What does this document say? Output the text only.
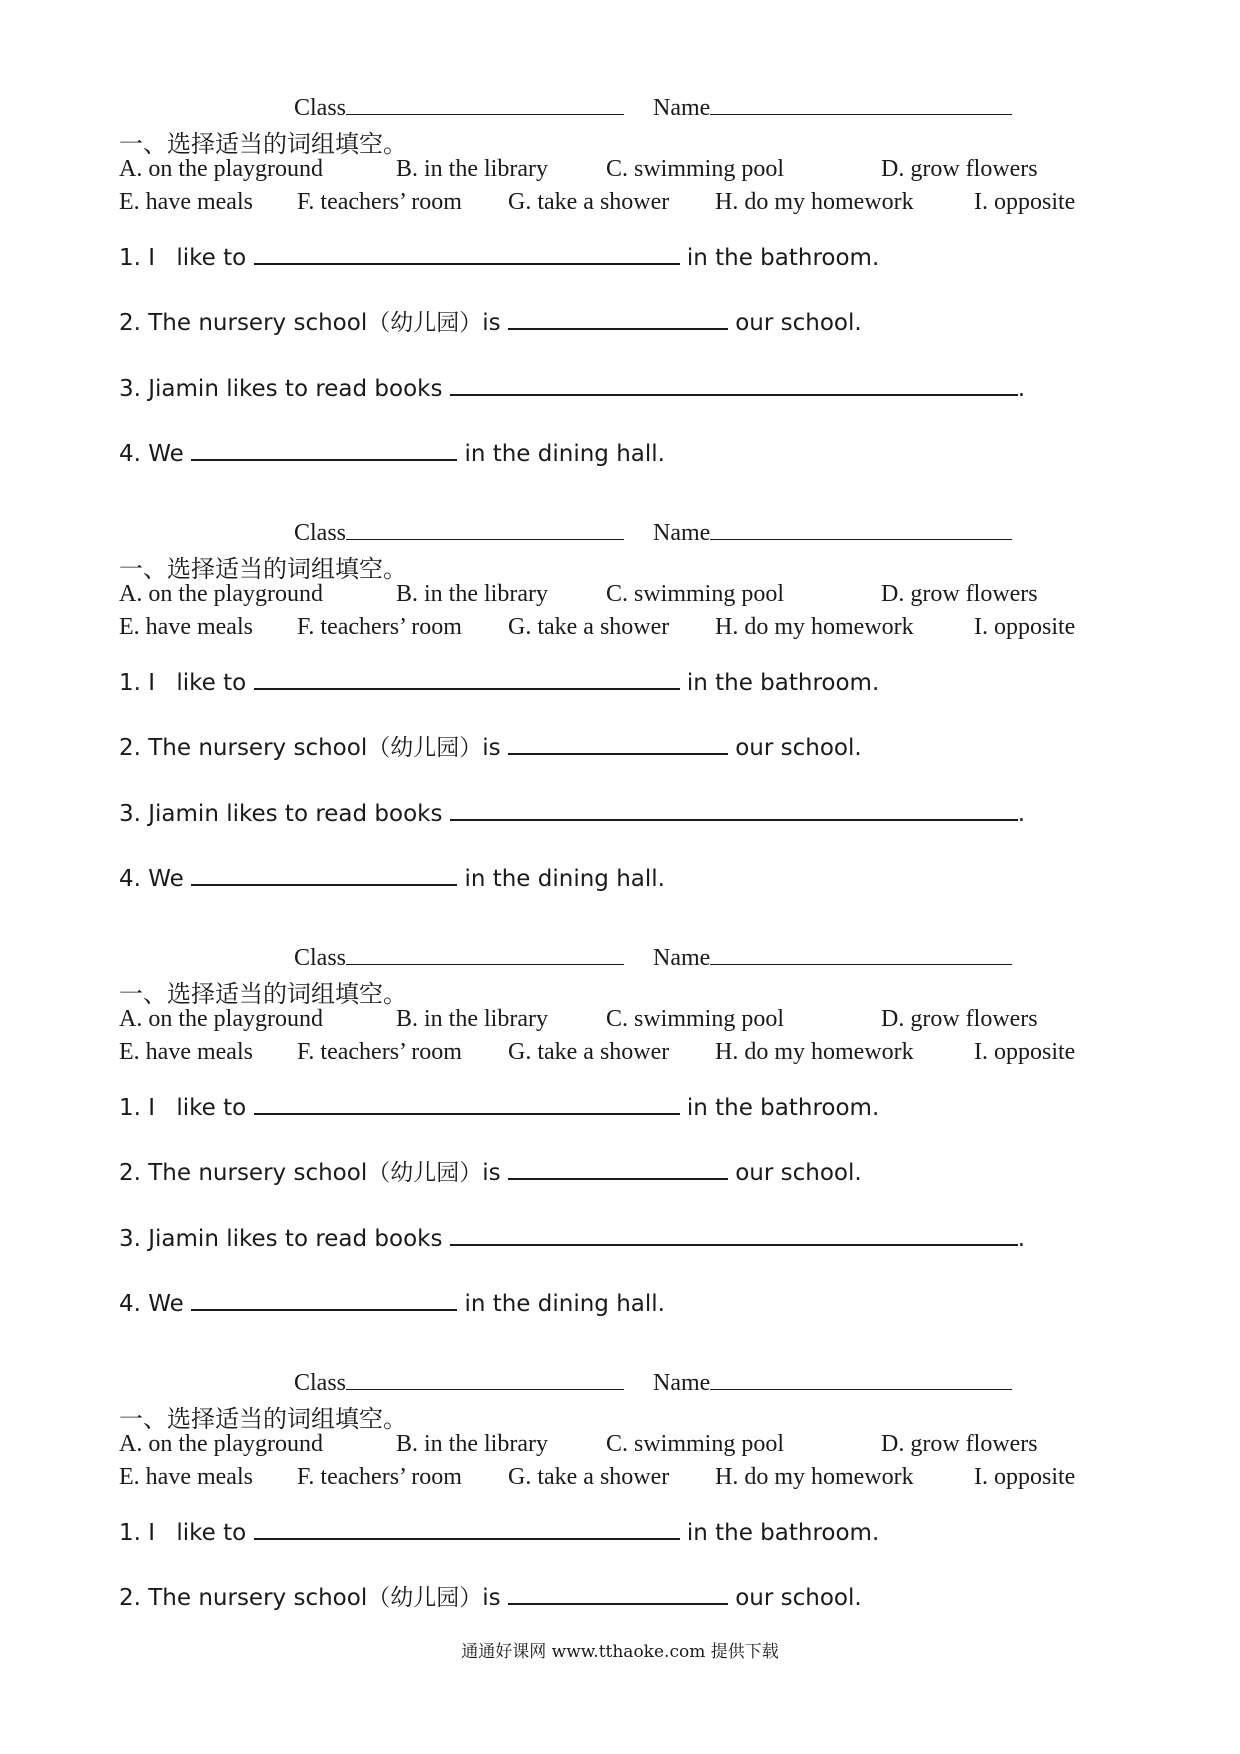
Class	Name
一、选择适当的词组填空。
A. on the playground	B. in the library C. swimming pool	D. grow flowers
E. have meals F. teachers’ room G. take a shower H. do my homework	I. opposite
1. I like to	in the bathroom.
2. The nursery school（幼儿园）is	our school.
3. Jiamin likes to read books	.
4. We	in the dining hall.
Class	Name
一、选择适当的词组填空。
A. on the playground	B. in the library C. swimming pool	D. grow flowers
E. have meals F. teachers’ room G. take a shower H. do my homework	I. opposite
1. I like to	in the bathroom.
2. The nursery school（幼儿园）is	our school.
3. Jiamin likes to read books	.
4. We	in the dining hall.
Class	Name
一、选择适当的词组填空。
A. on the playground	B. in the library C. swimming pool	D. grow flowers
E. have meals F. teachers’ room G. take a shower H. do my homework	I. opposite
1. I like to	in the bathroom.
2. The nursery school（幼儿园）is	our school.
3. Jiamin likes to read books	.
4. We	in the dining hall.
Class	Name
一、选择适当的词组填空。
A. on the playground	B. in the library C. swimming pool	D. grow flowers
E. have meals F. teachers’ room G. take a shower H. do my homework	I. opposite
1. I like to	in the bathroom.
2. The nursery school（幼儿园）is	our school.
通通好课网 www.tthaoke.com 提供下载
